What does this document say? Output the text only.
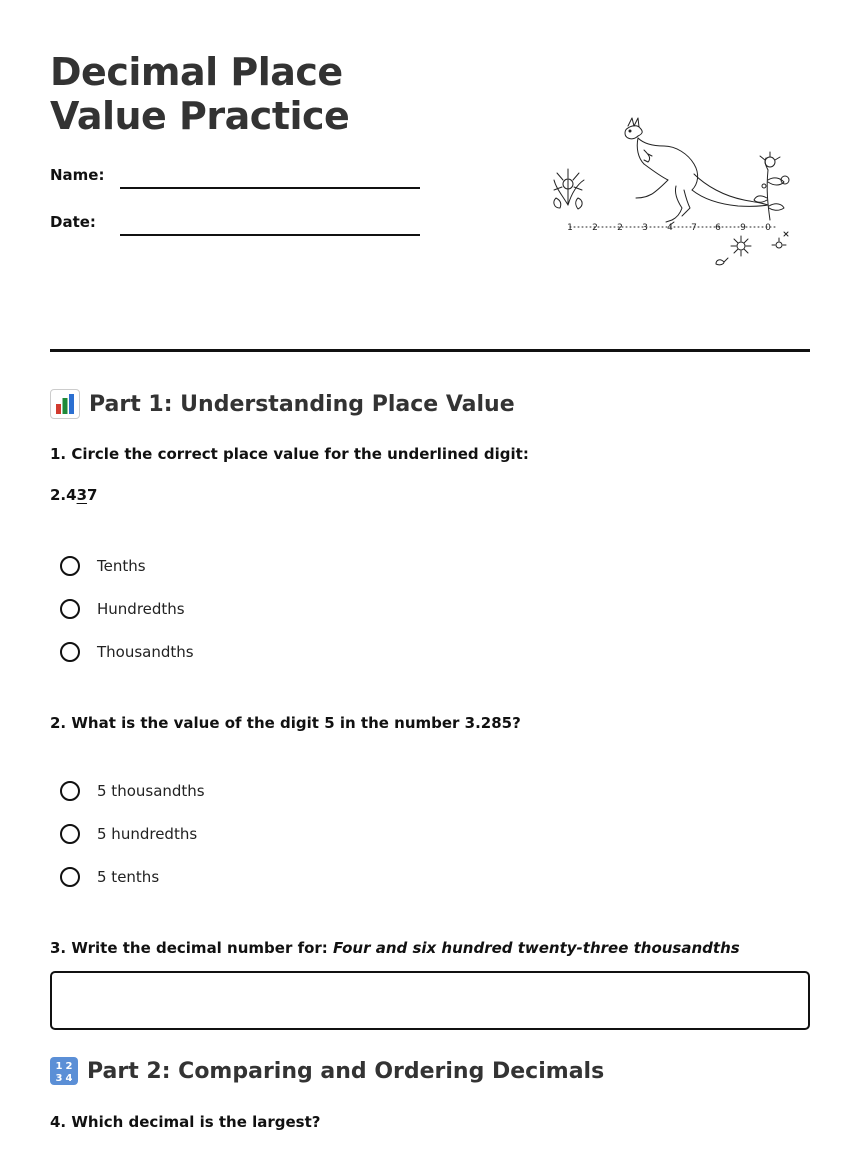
Decimal Place Value Practice
Name:
Date:	1 2 2 3 4 7 6 9 0
Part 1: Understanding Place Value
1. Circle the correct place value for the underlined digit:
2.437
Tenths
Hundredths
Thousandths
2. What is the value of the digit 5 in the number 3.285?
5 thousandths
5 hundredths
5 tenths
3. Write the decimal number for: Four and six hundred twenty-three thousandths
1 2
3 4 Part 2: Comparing and Ordering Decimals
4. Which decimal is the largest?
